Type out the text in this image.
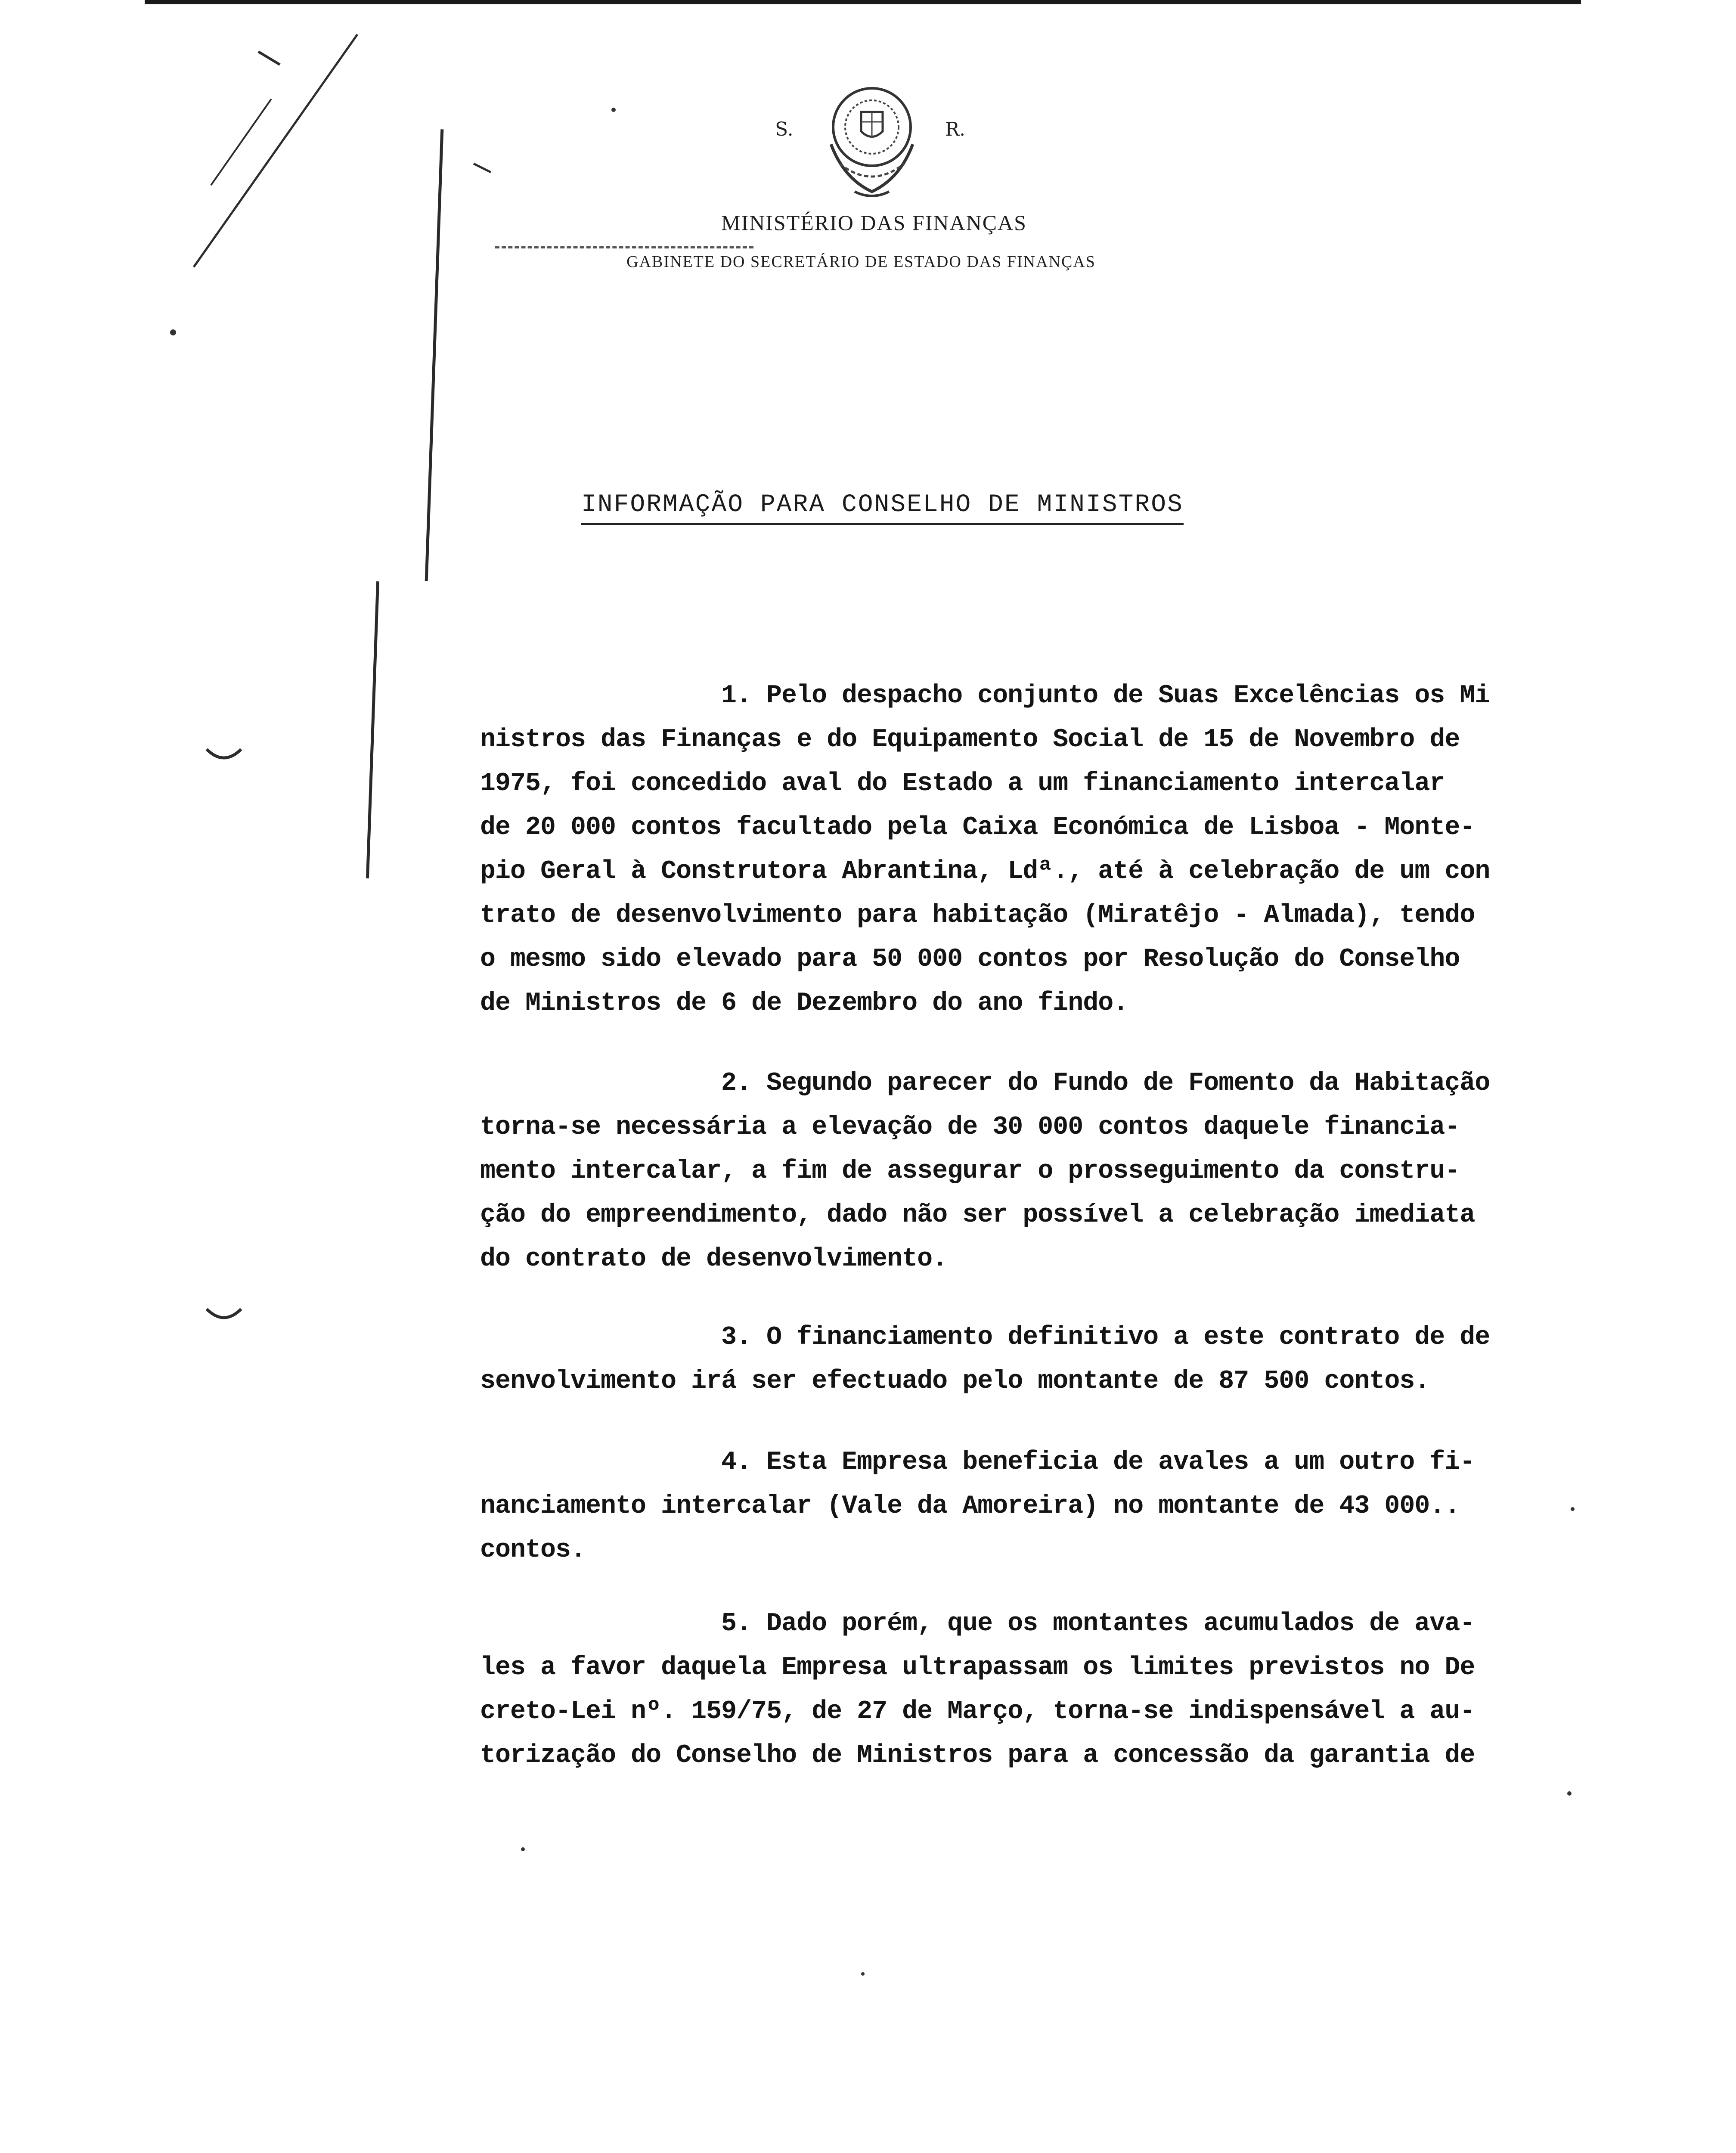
S.	R.
MINISTÉRIO DAS FINANÇAS
GABINETE DO SECRETÁRIO DE ESTADO DAS FINANÇAS
INFORMAÇÃO PARA CONSELHO DE MINISTROS
1. Pelo despacho conjunto de Suas Excelências os Mi
nistros das Finanças e do Equipamento Social de 15 de Novembro de
1975, foi concedido aval do Estado a um financiamento intercalar
de 20 000 contos facultado pela Caixa Económica de Lisboa - Monte-
pio Geral à Construtora Abrantina, Ldª., até à celebração de um con
trato de desenvolvimento para habitação (Miratêjo - Almada), tendo
o mesmo sido elevado para 50 000 contos por Resolução do Conselho
de Ministros de 6 de Dezembro do ano findo.
2. Segundo parecer do Fundo de Fomento da Habitação
torna-se necessária a elevação de 30 000 contos daquele financia-
mento intercalar, a fim de assegurar o prosseguimento da constru-
ção do empreendimento, dado não ser possível a celebração imediata
do contrato de desenvolvimento.
3. O financiamento definitivo a este contrato de de
senvolvimento irá ser efectuado pelo montante de 87 500 contos.
4. Esta Empresa beneficia de avales a um outro fi-
nanciamento intercalar (Vale da Amoreira) no montante de 43 000..
contos.
5. Dado porém, que os montantes acumulados de ava-
les a favor daquela Empresa ultrapassam os limites previstos no De
creto-Lei nº. 159/75, de 27 de Março, torna-se indispensável a au-
torização do Conselho de Ministros para a concessão da garantia de
